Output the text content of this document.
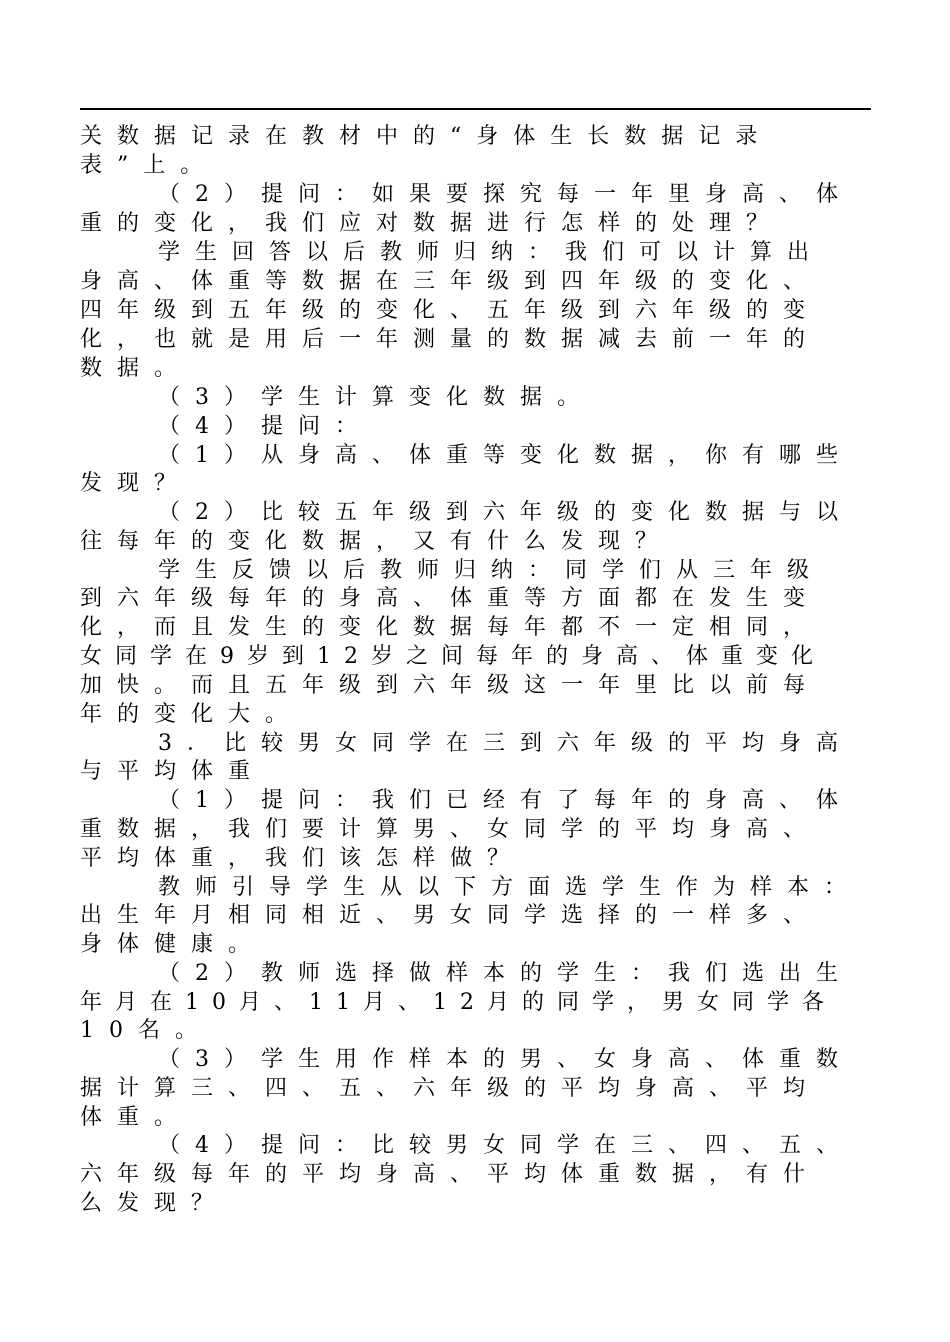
关数据记录在教材中的“身体生长数据记录
表”上。
（2）提问：如果要探究每一年里身高、体
重的变化，我们应对数据进行怎样的处理？
学生回答以后教师归纳：我们可以计算出
身高、体重等数据在三年级到四年级的变化、
四年级到五年级的变化、五年级到六年级的变
化，也就是用后一年测量的数据减去前一年的
数据。
（3）学生计算变化数据。
（4）提问：
（1）从身高、体重等变化数据，你有哪些
发现？
（2）比较五年级到六年级的变化数据与以
往每年的变化数据，又有什么发现？
学生反馈以后教师归纳：同学们从三年级
到六年级每年的身高、体重等方面都在发生变
化，而且发生的变化数据每年都不一定相同，
女同学在9岁到12岁之间每年的身高、体重变化
加快。而且五年级到六年级这一年里比以前每
年的变化大。
3．比较男女同学在三到六年级的平均身高
与平均体重
（1）提问：我们已经有了每年的身高、体
重数据，我们要计算男、女同学的平均身高、
平均体重，我们该怎样做？
教师引导学生从以下方面选学生作为样本：
出生年月相同相近、男女同学选择的一样多、
身体健康。
（2）教师选择做样本的学生：我们选出生
年月在10月、11月、12月的同学，男女同学各
10名。
（3）学生用作样本的男、女身高、体重数
据计算三、四、五、六年级的平均身高、平均
体重。
（4）提问：比较男女同学在三、四、五、
六年级每年的平均身高、平均体重数据，有什
么发现？
